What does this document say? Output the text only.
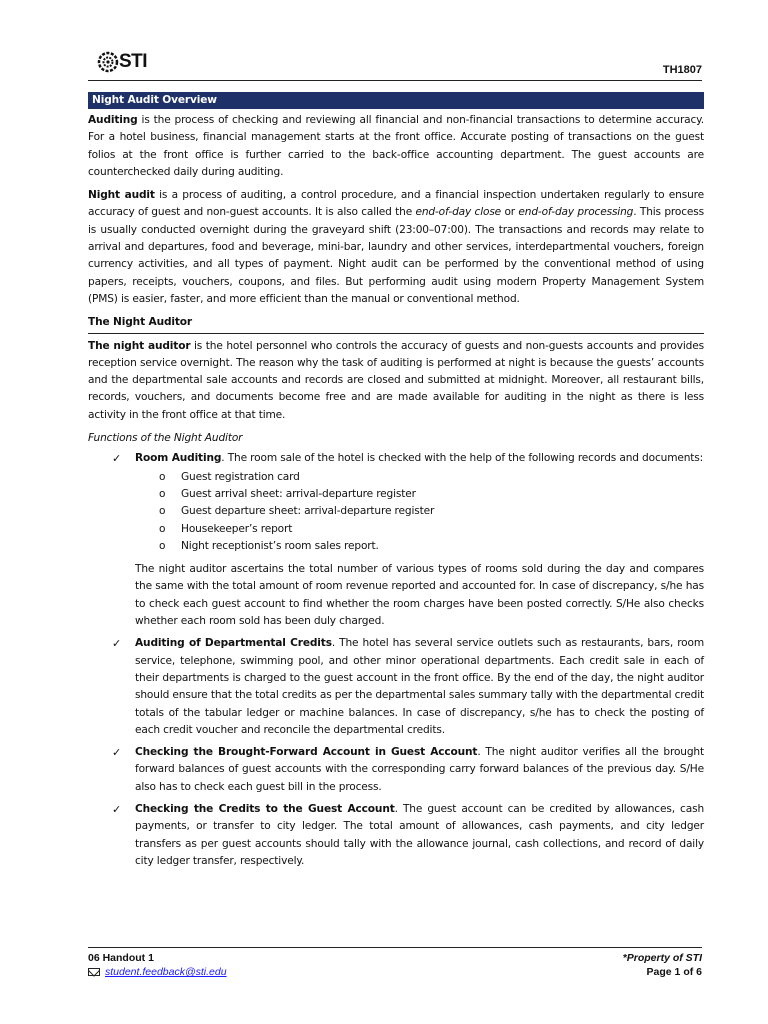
STI	TH1807
Night Audit Overview

Auditing is the process of checking and reviewing all financial and non-financial transactions to determine accuracy. For a hotel business, financial management starts at the front office. Accurate posting of transactions on the guest folios at the front office is further carried to the back-office accounting department. The guest accounts are counterchecked daily during auditing.

Night audit is a process of auditing, a control procedure, and a financial inspection undertaken regularly to ensure accuracy of guest and non-guest accounts. It is also called the end-of-day close or end-of-day processing. This process is usually conducted overnight during the graveyard shift (23:00–07:00). The transactions and records may relate to arrival and departures, food and beverage, mini-bar, laundry and other services, interdepartmental vouchers, foreign currency activities, and all types of payment. Night audit can be performed by the conventional method of using papers, receipts, vouchers, coupons, and files. But performing audit using modern Property Management System (PMS) is easier, faster, and more efficient than the manual or conventional method.

The Night Auditor

The night auditor is the hotel personnel who controls the accuracy of guests and non-guests accounts and provides reception service overnight. The reason why the task of auditing is performed at night is because the guests’ accounts and the departmental sale accounts and records are closed and submitted at midnight. Moreover, all restaurant bills, records, vouchers, and documents become free and are made available for auditing in the night as there is less activity in the front office at that time.

Functions of the Night Auditor
✓ Room Auditing. The room sale of the hotel is checked with the help of the following records and documents:
o Guest registration card
o Guest arrival sheet: arrival-departure register
o Guest departure sheet: arrival-departure register
o Housekeeper’s report
o Night receptionist’s room sales report.
The night auditor ascertains the total number of various types of rooms sold during the day and compares the same with the total amount of room revenue reported and accounted for. In case of discrepancy, s/he has to check each guest account to find whether the room charges have been posted correctly. S/He also checks whether each room sold has been duly charged.
✓ Auditing of Departmental Credits. The hotel has several service outlets such as restaurants, bars, room service, telephone, swimming pool, and other minor operational departments. Each credit sale in each of their departments is charged to the guest account in the front office. By the end of the day, the night auditor should ensure that the total credits as per the departmental sales summary tally with the departmental credit totals of the tabular ledger or machine balances. In case of discrepancy, s/he has to check the posting of each credit voucher and reconcile the departmental credits.
✓ Checking the Brought-Forward Account in Guest Account. The night auditor verifies all the brought forward balances of guest accounts with the corresponding carry forward balances of the previous day. S/He also has to check each guest bill in the process.
✓ Checking the Credits to the Guest Account. The guest account can be credited by allowances, cash payments, or transfer to city ledger. The total amount of allowances, cash payments, and city ledger transfers as per guest accounts should tally with the allowance journal, cash collections, and record of daily city ledger transfer, respectively.
06 Handout 1
student.feedback@sti.edu
*Property of STI
Page 1 of 6
